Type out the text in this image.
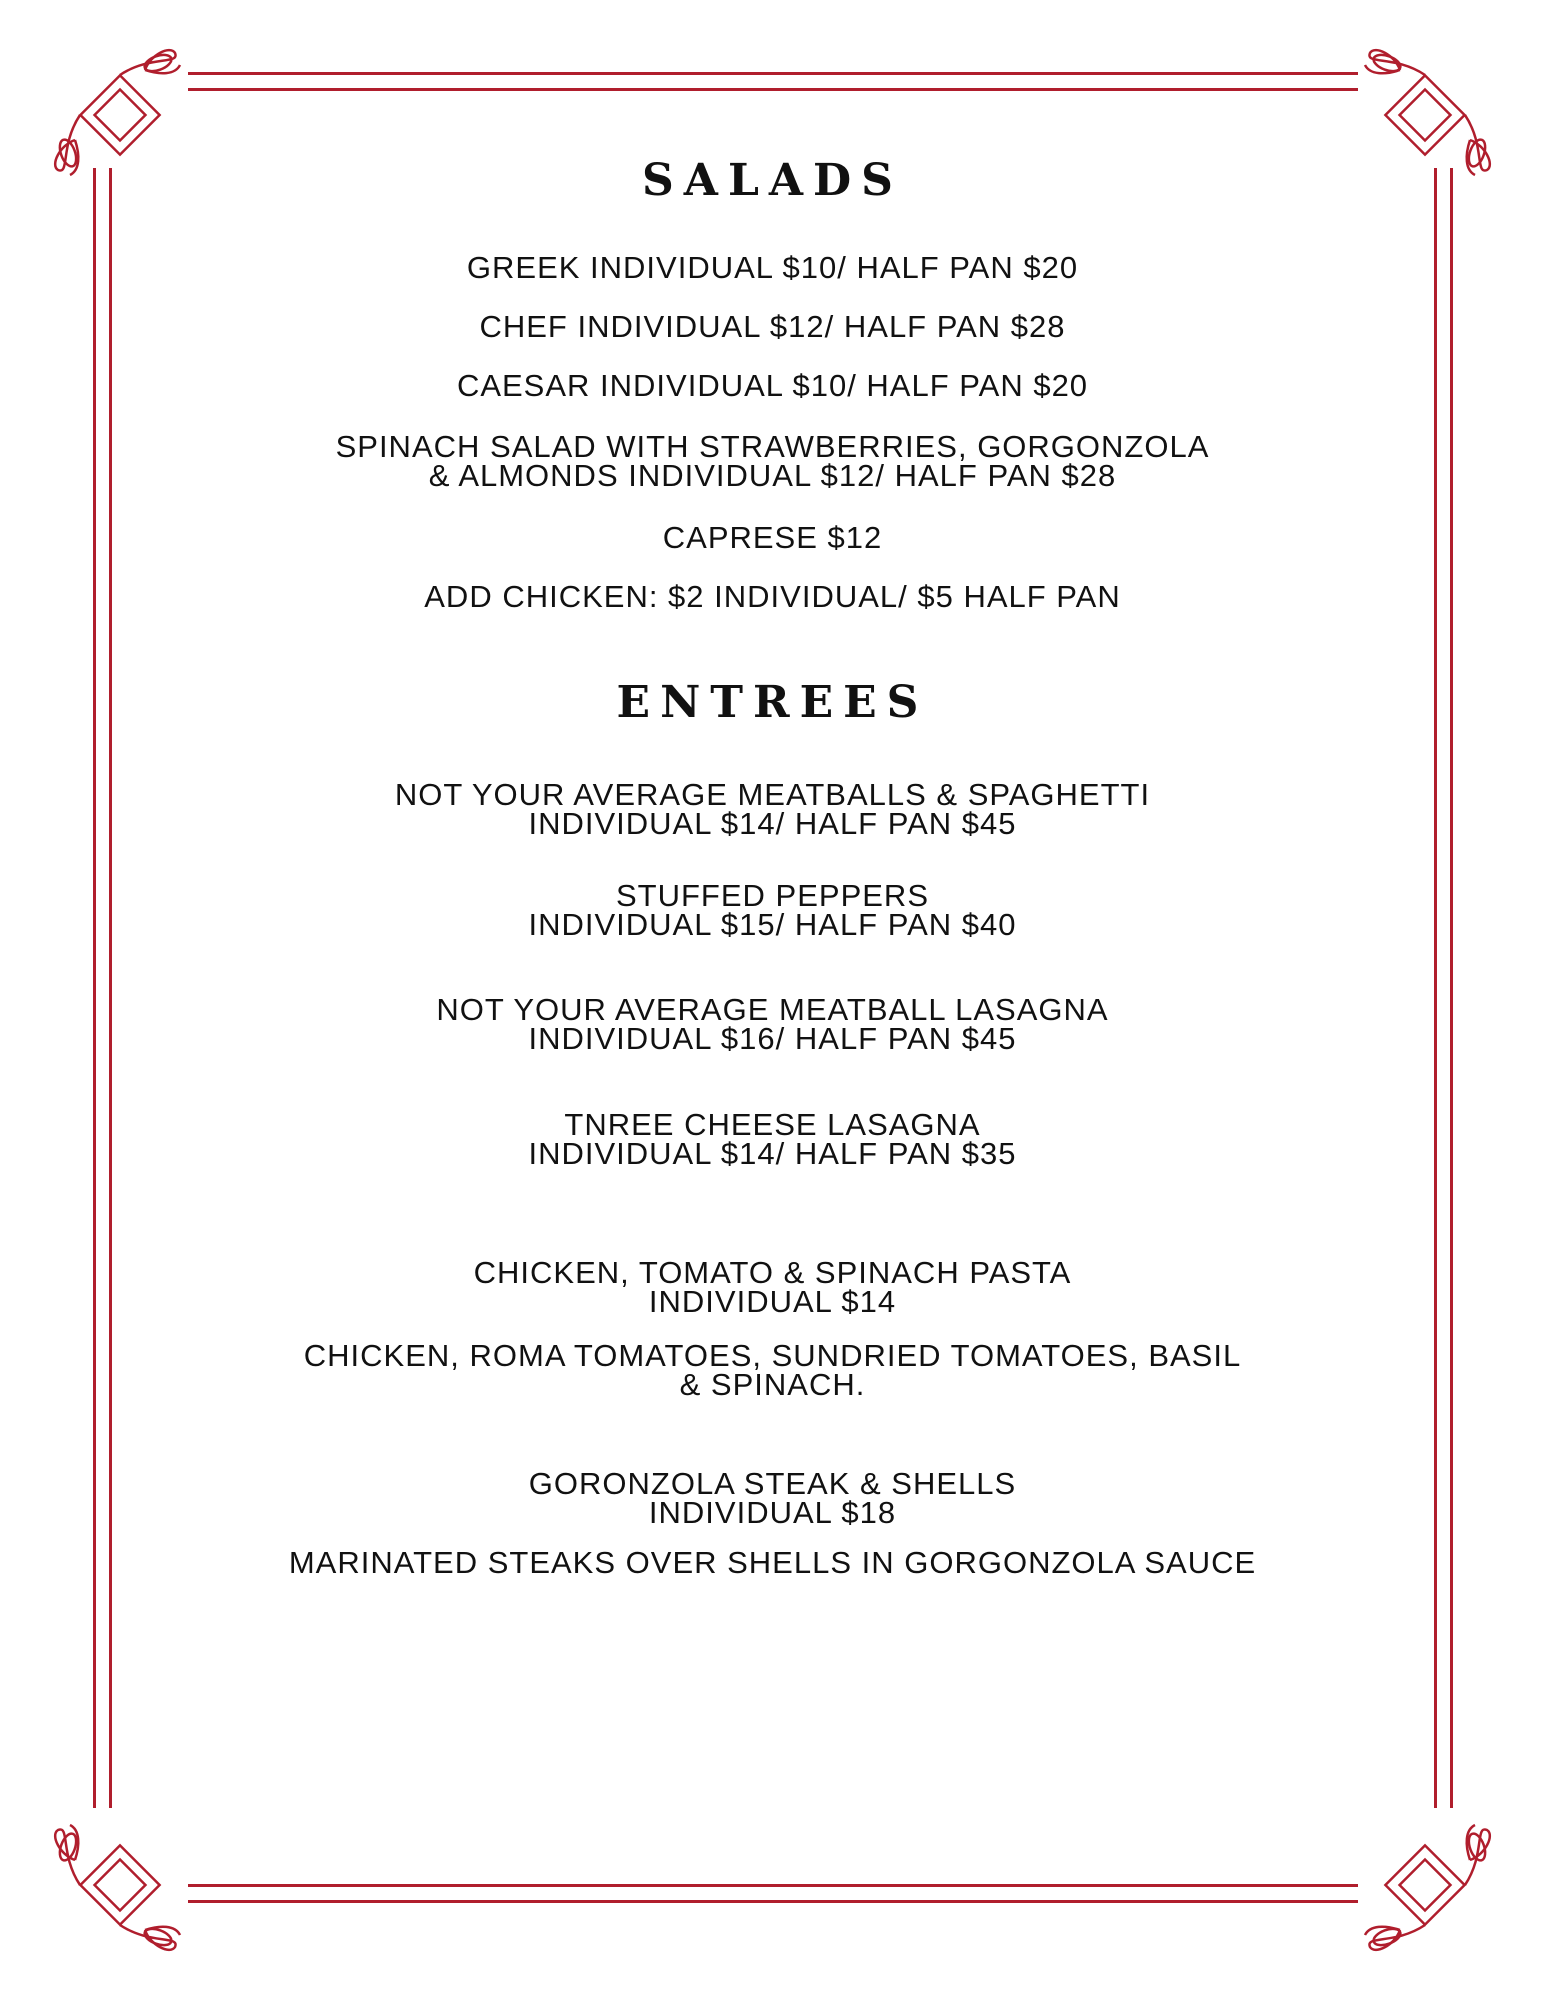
SALADS
GREEK INDIVIDUAL $10/ HALF PAN $20
CHEF INDIVIDUAL $12/ HALF PAN $28
CAESAR INDIVIDUAL $10/ HALF PAN $20
SPINACH SALAD WITH STRAWBERRIES, GORGONZOLA
& ALMONDS INDIVIDUAL $12/ HALF PAN $28
CAPRESE $12
ADD CHICKEN: $2 INDIVIDUAL/ $5 HALF PAN
ENTREES
NOT YOUR AVERAGE MEATBALLS & SPAGHETTI
INDIVIDUAL $14/ HALF PAN $45
STUFFED PEPPERS
INDIVIDUAL $15/ HALF PAN $40
NOT YOUR AVERAGE MEATBALL LASAGNA
INDIVIDUAL $16/ HALF PAN $45
TNREE CHEESE LASAGNA
INDIVIDUAL $14/ HALF PAN $35
CHICKEN, TOMATO & SPINACH PASTA
INDIVIDUAL $14
CHICKEN, ROMA TOMATOES, SUNDRIED TOMATOES, BASIL
& SPINACH.
GORONZOLA STEAK & SHELLS
INDIVIDUAL $18
MARINATED STEAKS OVER SHELLS IN GORGONZOLA SAUCE
